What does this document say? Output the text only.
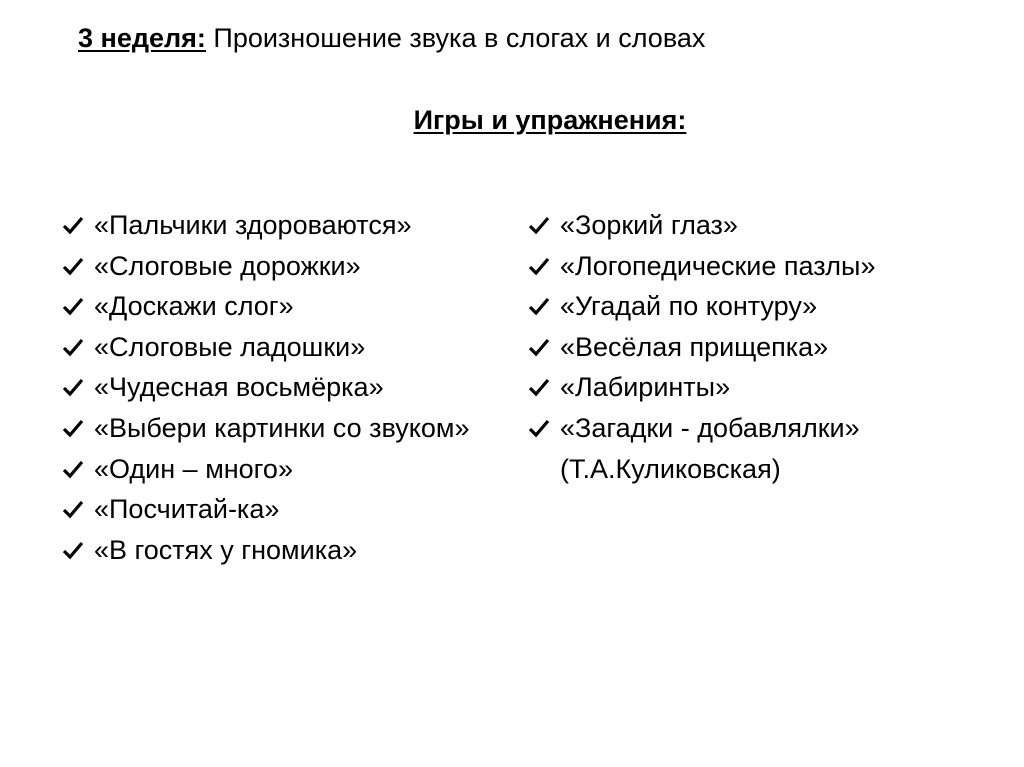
3 неделя: Произношение звука в слогах и словах
Игры и упражнения:
«Пальчики здороваются»
«Слоговые дорожки»
«Доскажи слог»
«Слоговые ладошки»
«Чудесная восьмёрка»
«Выбери картинки со звуком»
«Один – много»
«Посчитай-ка»
«В гостях у гномика»
«Зоркий глаз»
«Логопедические пазлы»
«Угадай по контуру»
«Весёлая прищепка»
«Лабиринты»
«Загадки - добавлялки» (Т.А.Куликовская)
